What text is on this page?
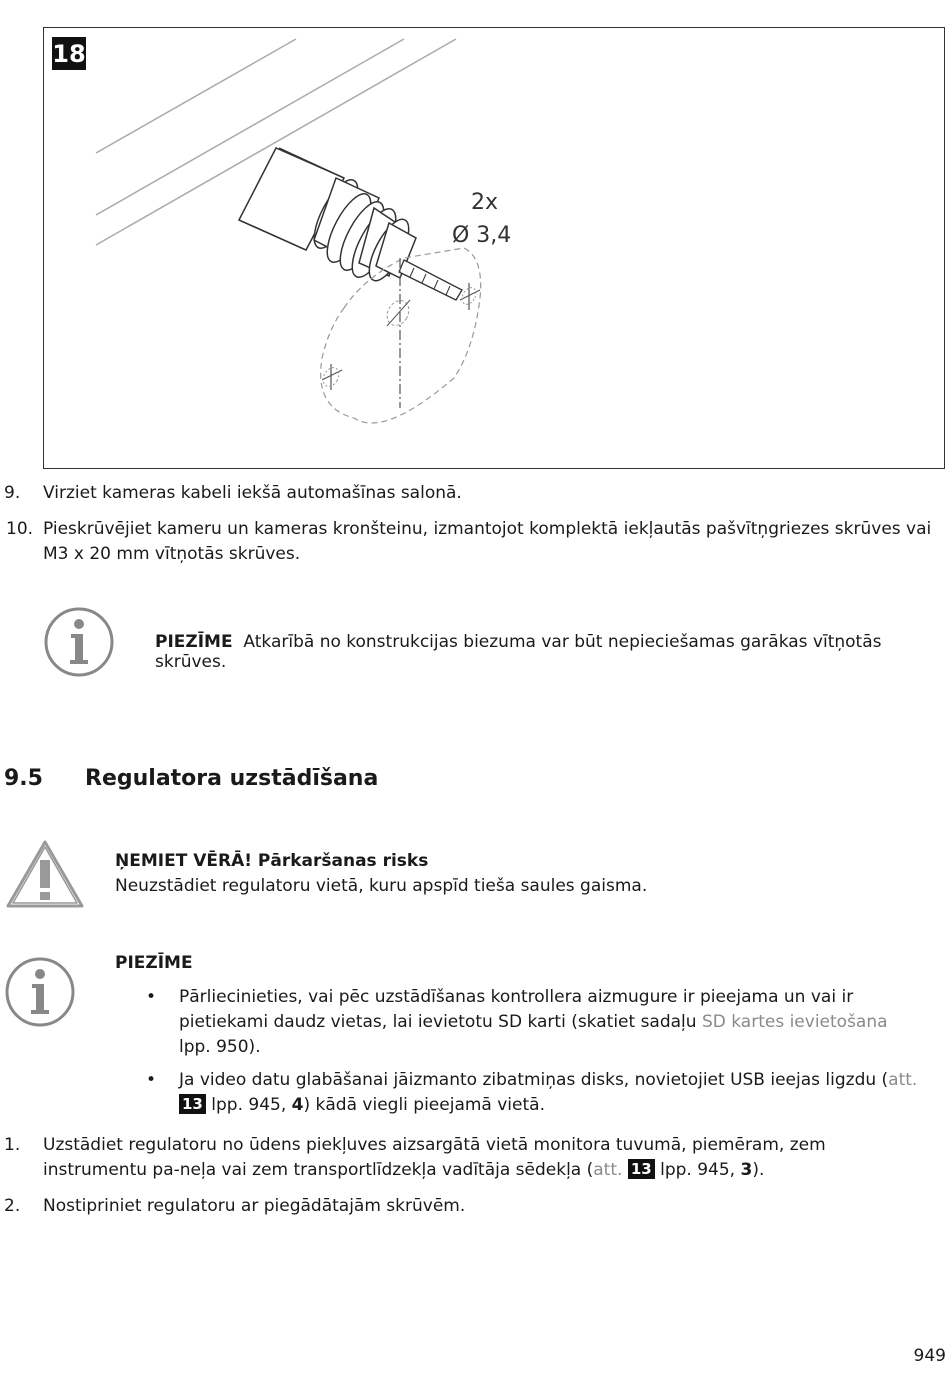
2x
Ø 3,4
18
9. Virziet kameras kabeli iekšā automašīnas salonā.
10. Pieskrūvējiet kameru un kameras kronšteinu, izmantojot komplektā iekļautās pašvītņgriezes skrūves vai M3 x 20 mm vītņotās skrūves.
PIEZĪME Atkarībā no konstrukcijas biezuma var būt nepieciešamas garākas vītņotās skrūves.
9.5 Regulatora uzstādīšana
ŅEMIET VĒRĀ! Pārkaršanas risks
Neuzstādiet regulatoru vietā, kuru apspīd tieša saules gaisma.
PIEZĪME
• Pārliecinieties, vai pēc uzstādīšanas kontrollera aizmugure ir pieejama un vai ir pietiekami daudz vietas, lai ievietotu SD karti (skatiet sadaļu SD kartes ievietošana lpp. 950).
• Ja video datu glabāšanai jāizmanto zibatmiņas disks, novietojiet USB ieejas ligzdu (att. 13 lpp. 945, 4) kādā viegli pieejamā vietā.
1. Uzstādiet regulatoru no ūdens piekļuves aizsargātā vietā monitora tuvumā, piemēram, zem instrumentu pa-neļa vai zem transportlīdzekļa vadītāja sēdekļa (att. 13 lpp. 945, 3).
2. Nostipriniet regulatoru ar piegādātajām skrūvēm.
949
